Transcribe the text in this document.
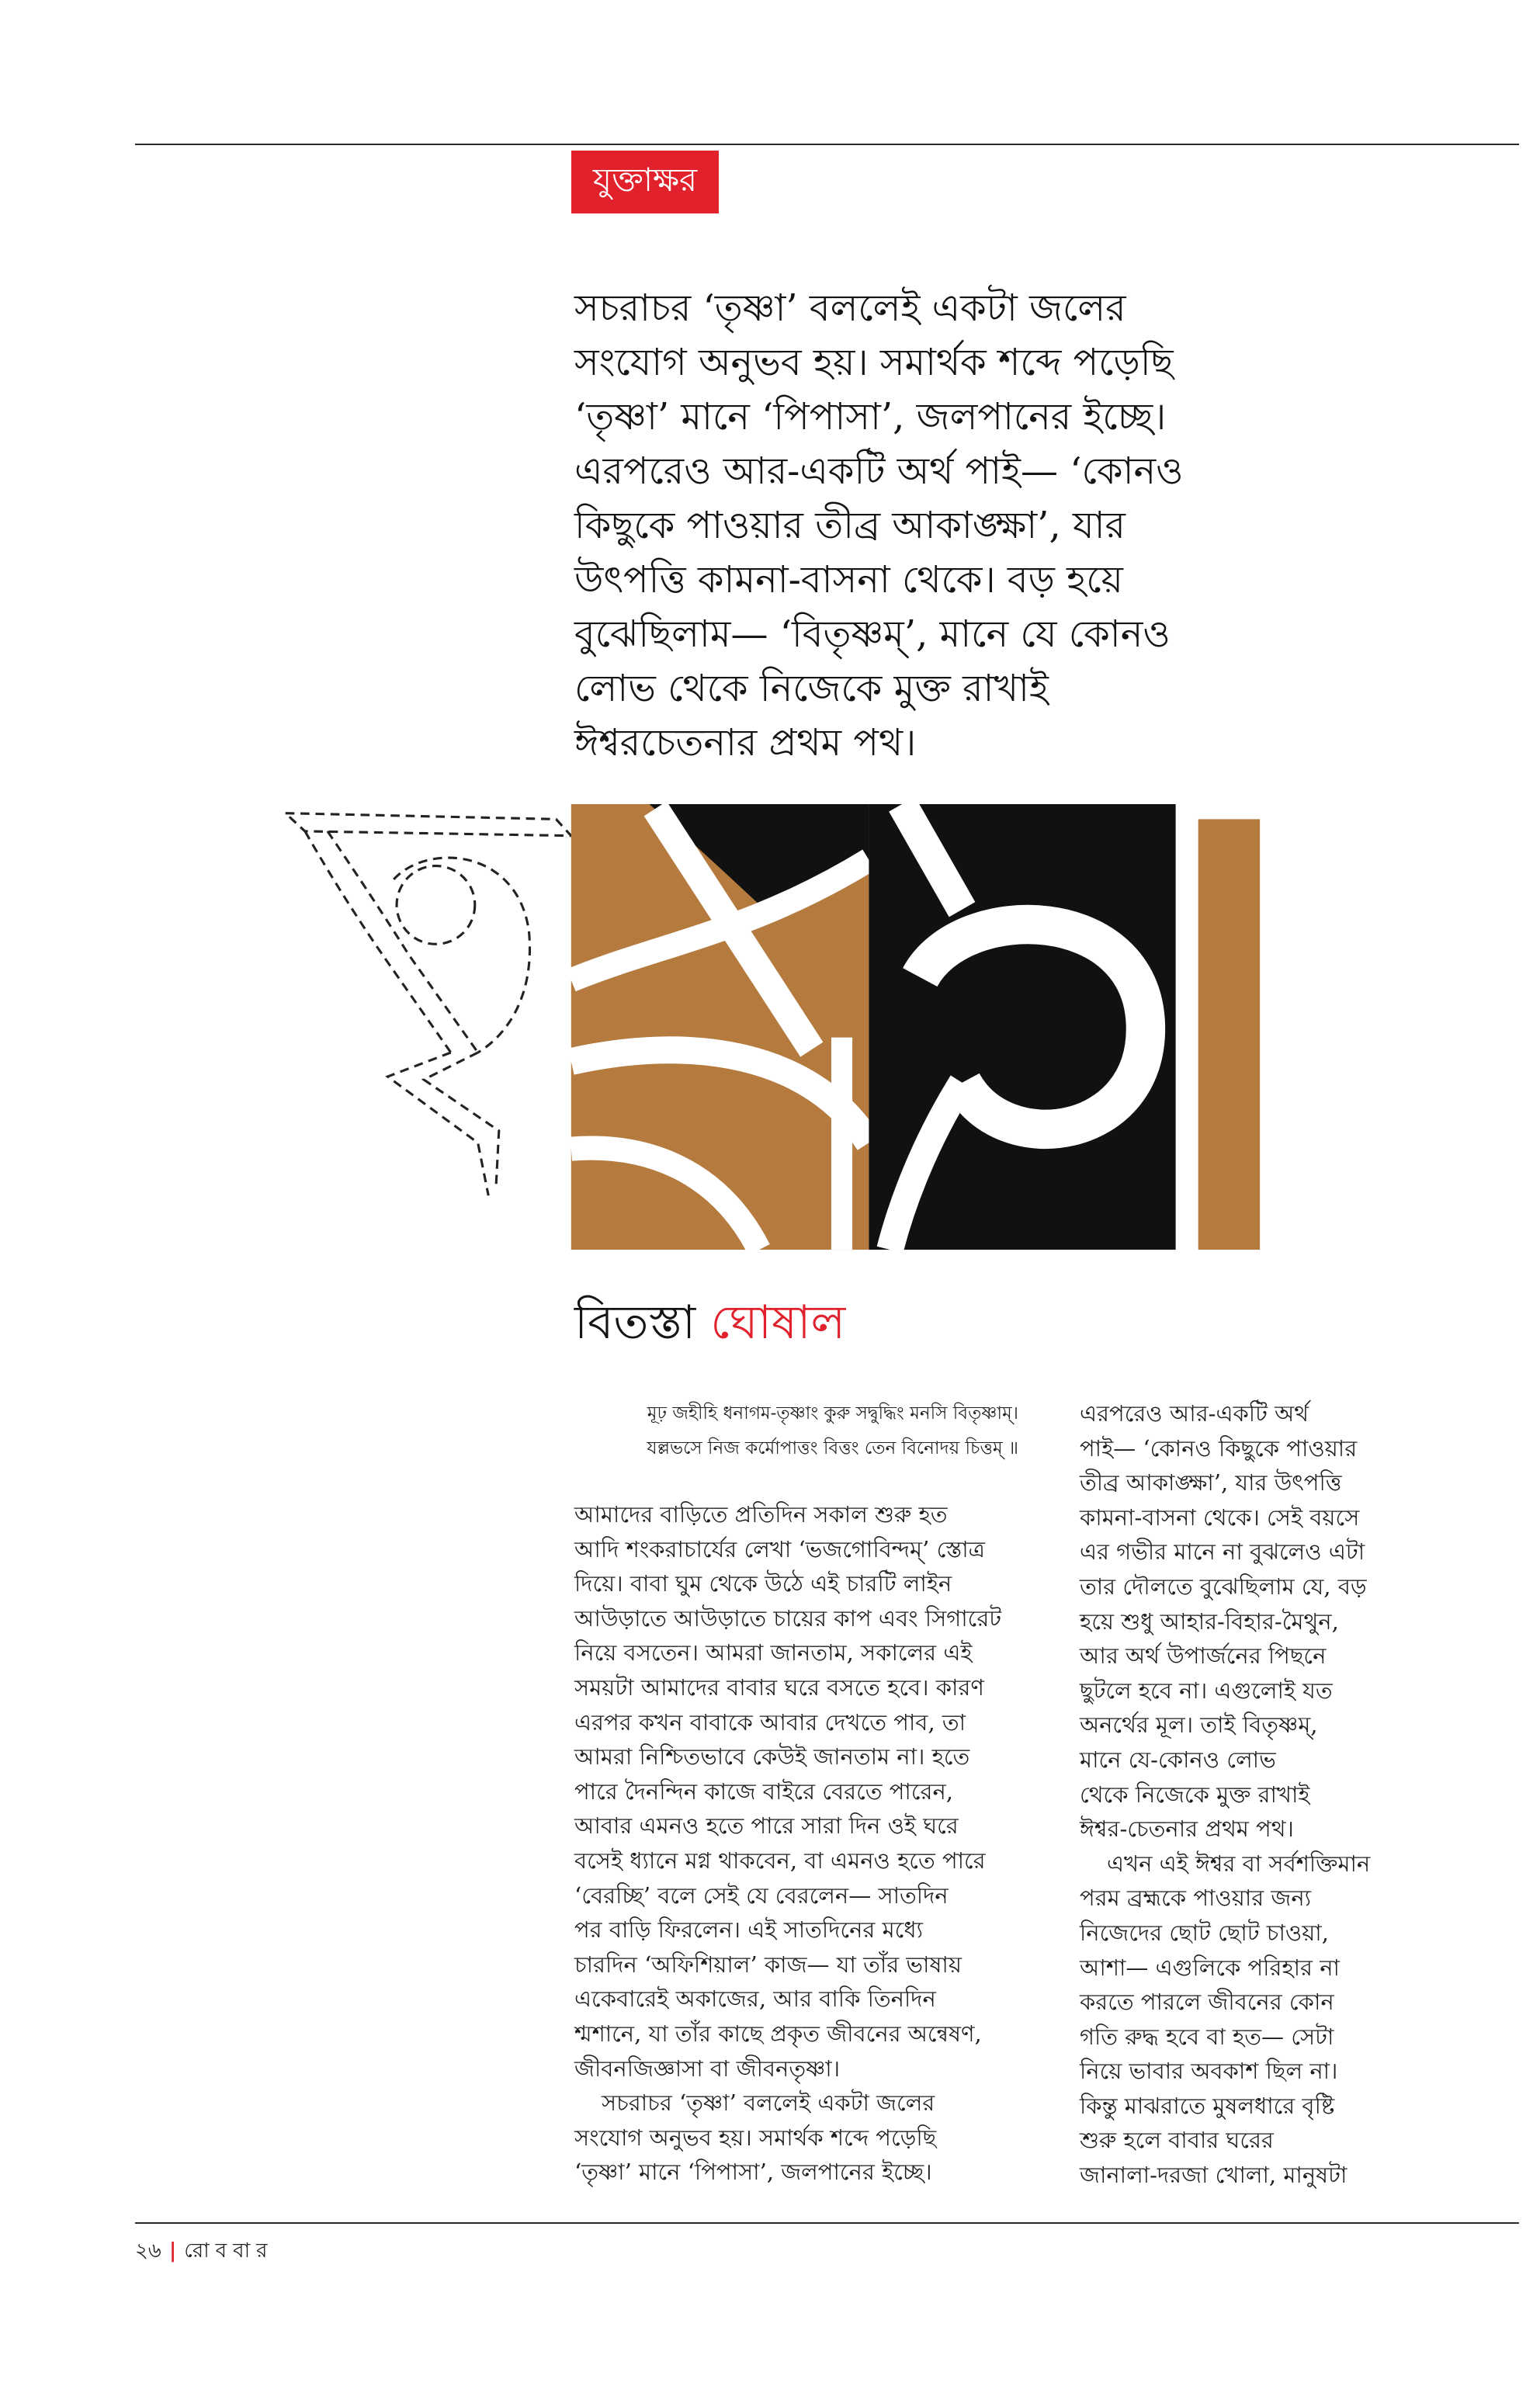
যুক্তাক্ষর
সচরাচর ‘তৃষ্ণা’ বললেই একটা জলের
সংযোগ অনুভব হয়। সমার্থক শব্দে পড়েছি
‘তৃষ্ণা’ মানে ‘পিপাসা’, জলপানের ইচ্ছে।
এরপরেও আর-একটি অর্থ পাই— ‘কোনও
কিছুকে পাওয়ার তীব্র আকাঙ্ক্ষা’, যার
উৎপত্তি কামনা-বাসনা থেকে। বড় হয়ে
বুঝেছিলাম— ‘বিতৃষ্ণম্’, মানে যে কোনও
লোভ থেকে নিজেকে মুক্ত রাখাই
ঈশ্বরচেতনার প্রথম পথ।
বিতস্তা ঘোষাল
মূঢ় জহীহি ধনাগম-তৃষ্ণাং কুরু সদ্বুদ্ধিং মনসি বিতৃষ্ণাম্।
যল্লভসে নিজ কর্মোপাত্তং বিত্তং তেন বিনোদয় চিত্তম্ ॥
আমাদের বাড়িতে প্রতিদিন সকাল শুরু হত
আদি শংকরাচার্যের লেখা ‘ভজগোবিন্দম্’ স্তোত্র
দিয়ে। বাবা ঘুম থেকে উঠে এই চারটি লাইন
আউড়াতে আউড়াতে চায়ের কাপ এবং সিগারেট
নিয়ে বসতেন। আমরা জানতাম, সকালের এই
সময়টা আমাদের বাবার ঘরে বসতে হবে। কারণ
এরপর কখন বাবাকে আবার দেখতে পাব, তা
আমরা নিশ্চিতভাবে কেউই জানতাম না। হতে
পারে দৈনন্দিন কাজে বাইরে বেরতে পারেন,
আবার এমনও হতে পারে সারা দিন ওই ঘরে
বসেই ধ্যানে মগ্ন থাকবেন, বা এমনও হতে পারে
‘বেরচ্ছি’ বলে সেই যে বেরলেন— সাতদিন
পর বাড়ি ফিরলেন। এই সাতদিনের মধ্যে
চারদিন ‘অফিশিয়াল’ কাজ— যা তাঁর ভাষায়
একেবারেই অকাজের, আর বাকি তিনদিন
শ্মশানে, যা তাঁর কাছে প্রকৃত জীবনের অন্বেষণ,
জীবনজিজ্ঞাসা বা জীবনতৃষ্ণা।
সচরাচর ‘তৃষ্ণা’ বললেই একটা জলের
সংযোগ অনুভব হয়। সমার্থক শব্দে পড়েছি
‘তৃষ্ণা’ মানে ‘পিপাসা’, জলপানের ইচ্ছে।
এরপরেও আর-একটি অর্থ
পাই— ‘কোনও কিছুকে পাওয়ার
তীব্র আকাঙ্ক্ষা’, যার উৎপত্তি
কামনা-বাসনা থেকে। সেই বয়সে
এর গভীর মানে না বুঝলেও এটা
তার দৌলতে বুঝেছিলাম যে, বড়
হয়ে শুধু আহার-বিহার-মৈথুন,
আর অর্থ উপার্জনের পিছনে
ছুটলে হবে না। এগুলোই যত
অনর্থের মূল। তাই বিতৃষ্ণম্,
মানে যে-কোনও লোভ
থেকে নিজেকে মুক্ত রাখাই
ঈশ্বর-চেতনার প্রথম পথ।
এখন এই ঈশ্বর বা সর্বশক্তিমান
পরম ব্রহ্মকে পাওয়ার জন্য
নিজেদের ছোট ছোট চাওয়া,
আশা— এগুলিকে পরিহার না
করতে পারলে জীবনের কোন
গতি রুদ্ধ হবে বা হত— সেটা
নিয়ে ভাবার অবকাশ ছিল না।
কিন্তু মাঝরাতে মুষলধারে বৃষ্টি
শুরু হলে বাবার ঘরের
জানালা-দরজা খোলা, মানুষটা
২৬ | রোববার
